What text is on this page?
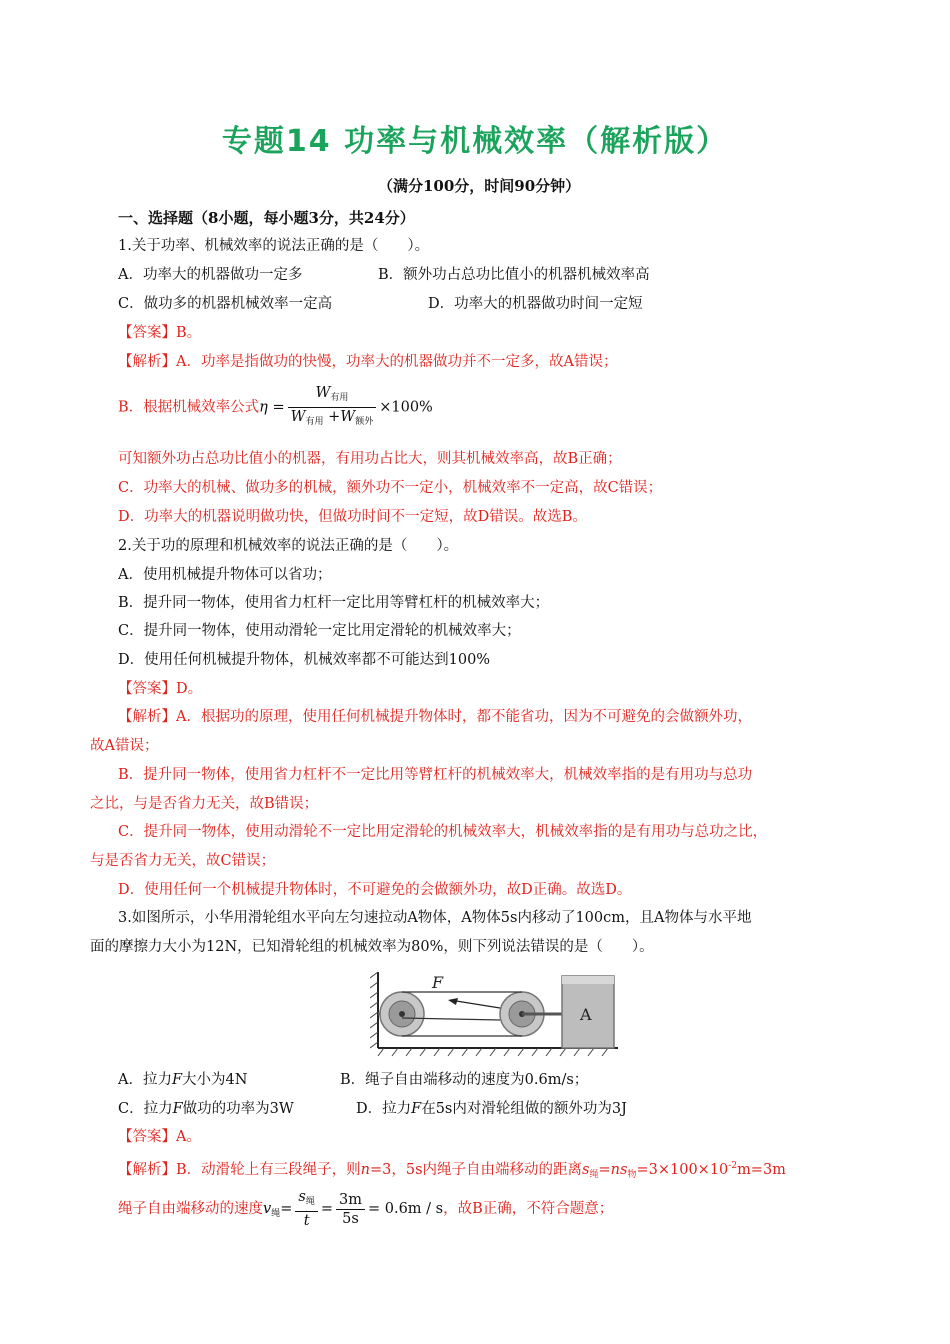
专题14 功率与机械效率（解析版）
（满分100分，时间90分钟）
一、选择题（8小题，每小题3分，共24分）
1.关于功率、机械效率的说法正确的是（　　）。
A．功率大的机器做功一定多	B．额外功占总功比值小的机器机械效率高
C．做功多的机器机械效率一定高	D．功率大的机器做功时间一定短
【答案】B。
【解析】A．功率是指做功的快慢，功率大的机器做功并不一定多，故A错误；
B．根据机械效率公式$\eta = \frac{W_{有用}}{W_{有用} +W_{额外}} \times 100\%$
可知额外功占总功比值小的机器，有用功占比大，则其机械效率高，故B正确；
C．功率大的机械、做功多的机械，额外功不一定小，机械效率不一定高，故C错误；
D．功率大的机器说明做功快，但做功时间不一定短，故D错误。故选B。
2.关于功的原理和机械效率的说法正确的是（　　）。
A．使用机械提升物体可以省功；
B．提升同一物体，使用省力杠杆一定比用等臂杠杆的机械效率大；
C．提升同一物体，使用动滑轮一定比用定滑轮的机械效率大；
D．使用任何机械提升物体，机械效率都不可能达到100%
【答案】D。
【解析】A．根据功的原理，使用任何机械提升物体时，都不能省功，因为不可避免的会做额外功，
故A错误；
B．提升同一物体，使用省力杠杆不一定比用等臂杠杆的机械效率大，机械效率指的是有用功与总功
之比，与是否省力无关，故B错误；
C．提升同一物体，使用动滑轮不一定比用定滑轮的机械效率大，机械效率指的是有用功与总功之比，
与是否省力无关，故C错误；
D．使用任何一个机械提升物体时，不可避免的会做额外功，故D正确。故选D。
3.如图所示，小华用滑轮组水平向左匀速拉动A物体，A物体5s内移动了100cm，且A物体与水平地
面的摩擦力大小为12N，已知滑轮组的机械效率为80%，则下列说法错误的是（　　）。
F
A
A．拉力F大小为4N	B．绳子自由端移动的速度为0.6m/s；
C．拉力F做功的功率为3W	D．拉力F在5s内对滑轮组做的额外功为3J
【答案】A。
【解析】B．动滑轮上有三段绳子，则n=3，5s内绳子自由端移动的距离$s_绳=ns_物=3\times 100\times 10^{-2}m=3m$
绳子自由端移动的速度$v_绳= \frac{s_绳}{t} = \frac{3m}{5s} = 0.6m / s$，故B正确，不符合题意；
